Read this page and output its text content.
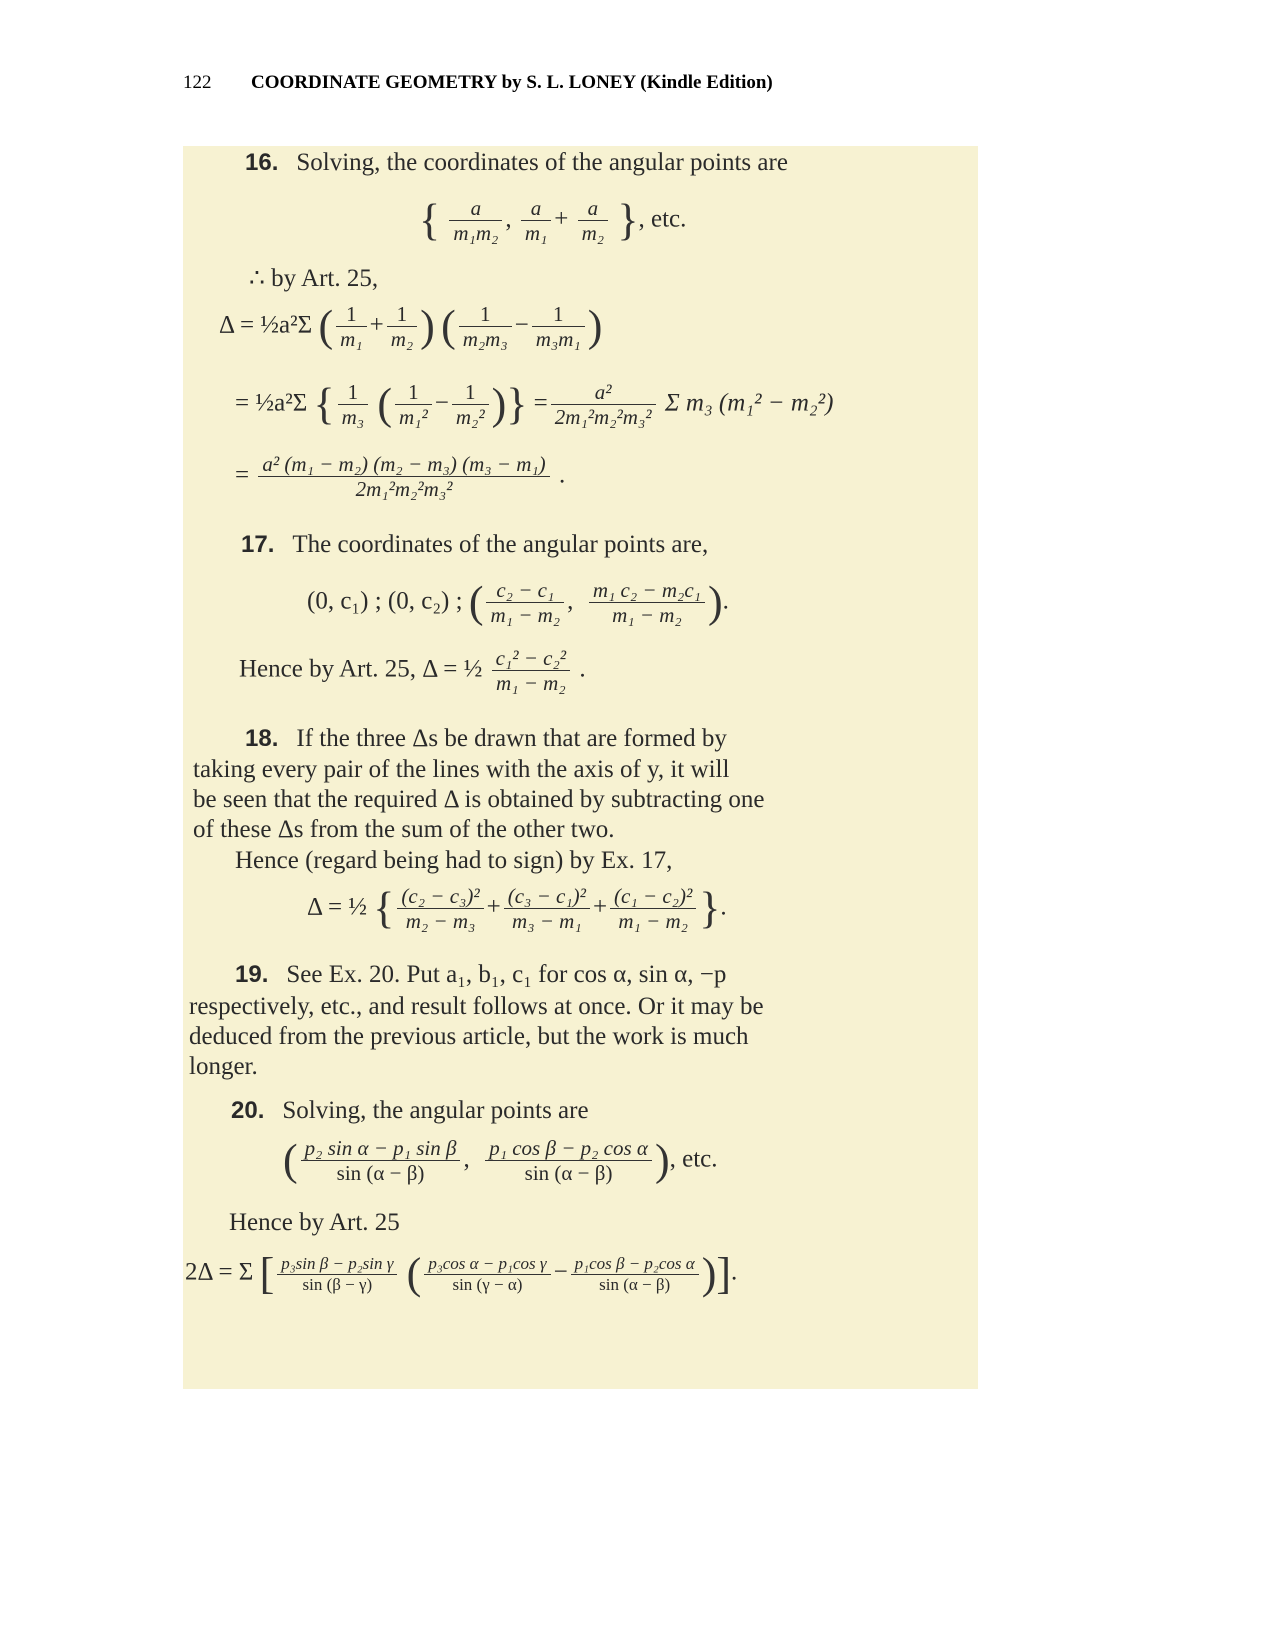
122 COORDINATE GEOMETRY by S. L. LONEY (Kindle Edition)
16. Solving, the coordinates of the angular points are
{ $\frac{a}{\text{m₁m₂}}$ , $\frac{a}{\text{m₁}} + \frac{a}{\text{m₂}}$ }, etc.
∴ by Art. 25,
Δ = ½a²Σ ( $\frac{1}{\text{m₁}} + \frac{1}{\text{m₂}}$ ) ( $\frac{1}{\text{m₂m₃}} - \frac{1}{\text{m₃m₁}}$ )
= ½a²Σ { $\frac{1}{\text{m₃}}$ ( $\frac{1}{\text{m₁²}} - \frac{1}{\text{m₂²}}$ )} = $\frac{\text{a²}}{\text{2m₁²m₂²m₃²}}$ Σ m₃ (m₁² − m₂²)
= $\frac{\text{a² (m₁ − m₂) (m₂ − m₃) (m₃ − m₁)}}{\text{2m₁²m₂²m₃²}}$ .
17. The coordinates of the angular points are,
(0, c₁) ; (0, c₂) ; ( $\frac{\text{c₂ − c₁}}{\text{m₁ − m₂}}$ , $\frac{\text{m₁ c₂ − m₂c₁}}{\text{m₁ − m₂}}$ ).
Hence by Art. 25, Δ = ½ $\frac{\text{c₁² − c₂²}}{\text{m₁ − m₂}}$ .
18. If the three Δs be drawn that are formed by
taking every pair of the lines with the axis of y, it will
be seen that the required Δ is obtained by subtracting one
of these Δs from the sum of the other two.
Hence (regard being had to sign) by Ex. 17,
Δ = ½ { $\frac{\text{(c₂ − c₃)²}}{\text{m₂ − m₃}} + \frac{\text{(c₃ − c₁)²}}{\text{m₃ − m₁}} + \frac{\text{(c₁ − c₂)²}}{\text{m₁ − m₂}}$ }.
19. See Ex. 20. Put a₁, b₁, c₁ for cos α, sin α, −p
respectively, etc., and result follows at once. Or it may be
deduced from the previous article, but the work is much
longer.
20. Solving, the angular points are
( $\frac{\text{p₂ sin α − p₁ sin β}}{\sin (\alpha - \beta)}$ , $\frac{\text{p₁ cos β − p₂ cos α}}{\sin (\alpha - \beta)}$ ), etc.
Hence by Art. 25
2Δ = Σ [ $\frac{\text{p₃sin β − p₂sin γ}}{\sin (\beta - \gamma)}$ ( $\frac{\text{p₃cos α − p₁cos γ}}{\sin (\gamma - \alpha)} - \frac{\text{p₁cos β − p₂cos α}}{\sin (\alpha - \beta)}$ )].
